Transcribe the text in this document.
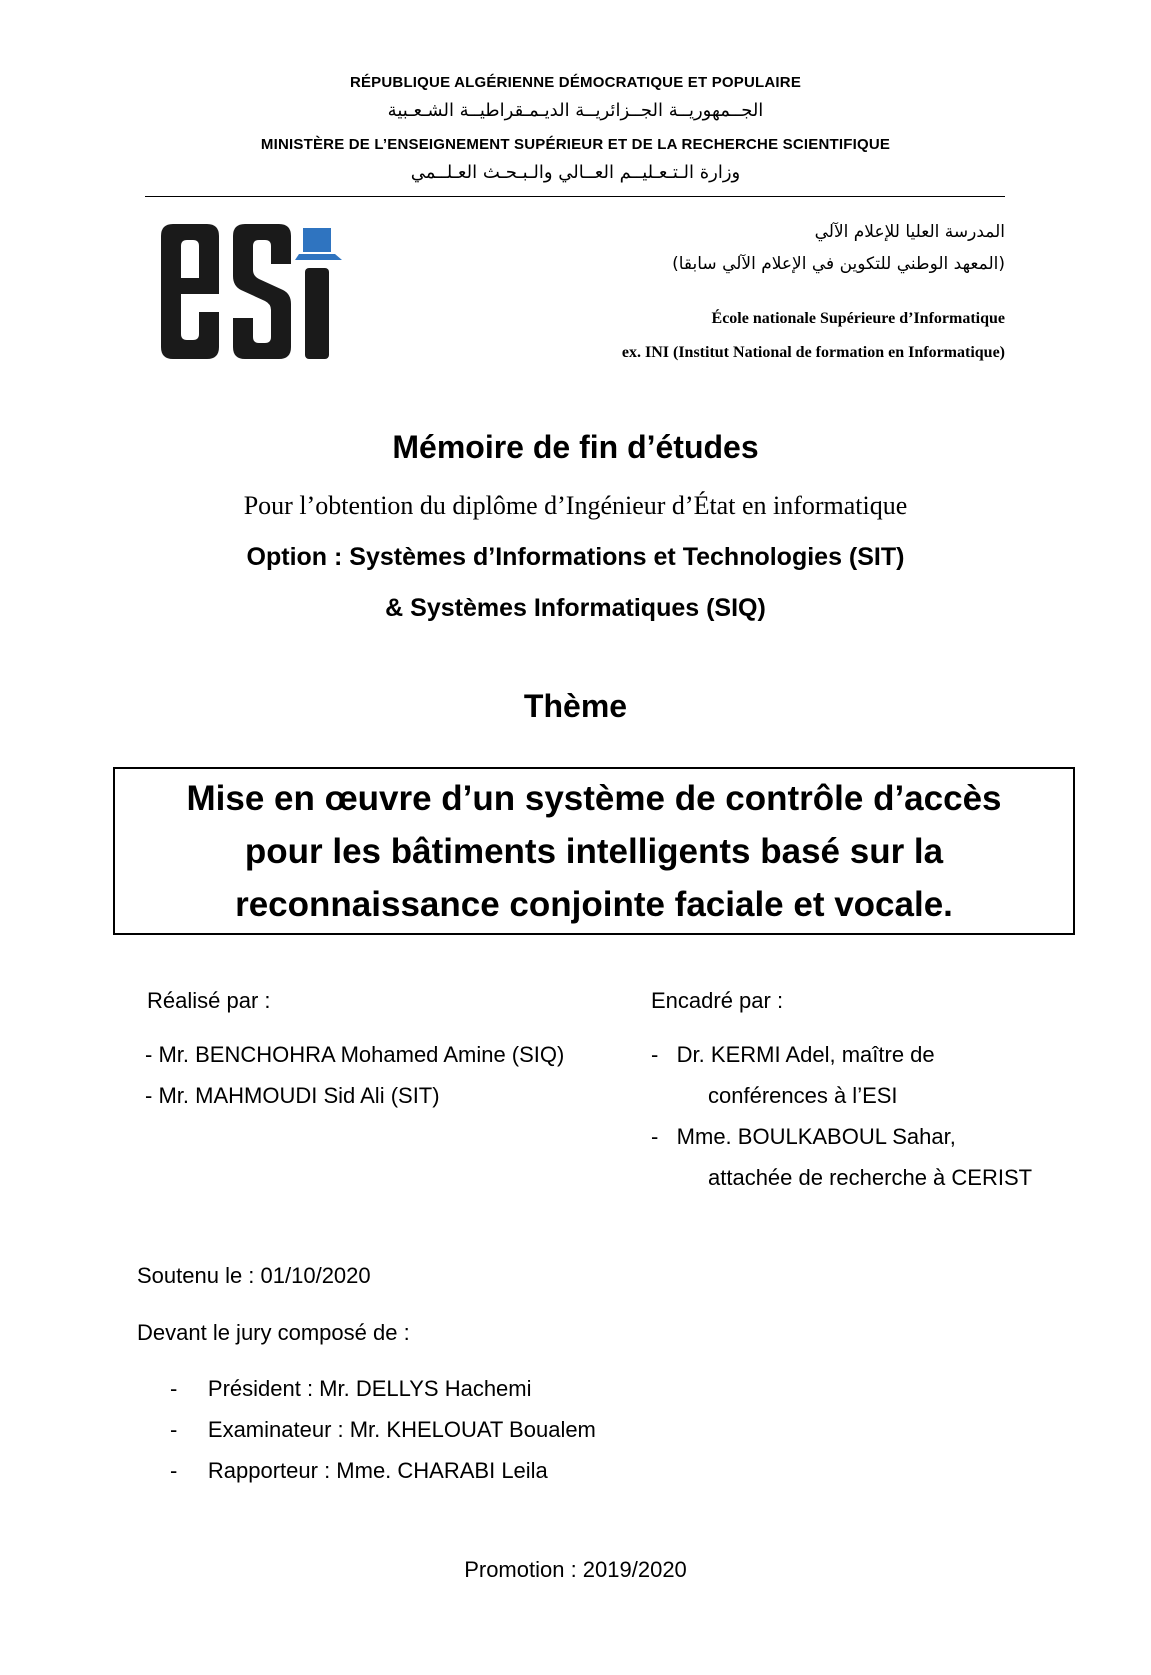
RÉPUBLIQUE ALGÉRIENNE DÉMOCRATIQUE ET POPULAIRE
الجــمهوريــة الجــزائريــة الديـمـقراطيــة الشـعـبية
MINISTÈRE DE L’ENSEIGNEMENT SUPÉRIEUR ET DE LA RECHERCHE SCIENTIFIQUE
وزارة الـتـعـليــم العــالي والـبـحـث العـلــمي
المدرسة العليا للإعلام الآلي
(المعهد الوطني للتكوين في الإعلام الآلي سابقا)
École nationale Supérieure d’Informatique
ex. INI (Institut National de formation en Informatique)
Mémoire de fin d’études
Pour l’obtention du diplôme d’Ingénieur d’État en informatique
Option : Systèmes d’Informations et Technologies (SIT)
& Systèmes Informatiques (SIQ)
Thème
Mise en œuvre d’un système de contrôle d’accès
pour les bâtiments intelligents basé sur la
reconnaissance conjointe faciale et vocale.
Réalisé par :
- Mr. BENCHOHRA Mohamed Amine (SIQ)
- Mr. MAHMOUDI Sid Ali (SIT)
Encadré par :
-   Dr. KERMI Adel, maître de
conférences à l’ESI
-   Mme. BOULKABOUL Sahar,
attachée de recherche à CERIST
Soutenu le : 01/10/2020
Devant le jury composé de :
-     Président : Mr. DELLYS Hachemi
-     Examinateur : Mr. KHELOUAT Boualem
-     Rapporteur : Mme. CHARABI Leila
Promotion : 2019/2020
